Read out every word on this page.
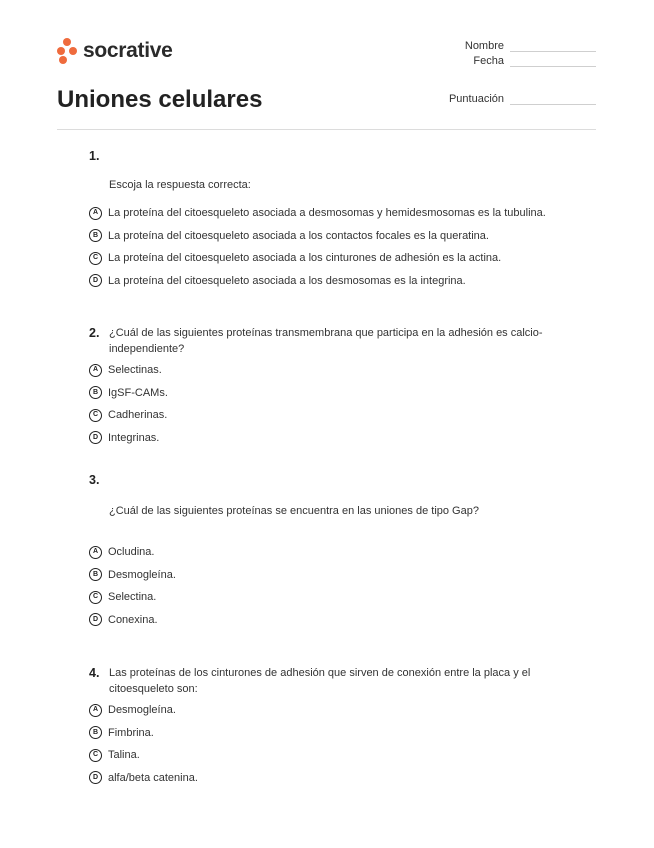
socrative	Nombre
Fecha
Puntuación
Uniones celulares
1.
Escoja la respuesta correcta:
A La proteína del citoesqueleto asociada a desmosomas y hemidesmosomas es la tubulina.
B La proteína del citoesqueleto asociada a los contactos focales es la queratina.
C La proteína del citoesqueleto asociada a los cinturones de adhesión es la actina.
D La proteína del citoesqueleto asociada a los desmosomas es la integrina.
2. ¿Cuál de las siguientes proteínas transmembrana que participa en la adhesión es calcio-independiente?
A Selectinas.
B IgSF-CAMs.
C Cadherinas.
D Integrinas.
3.
¿Cuál de las siguientes proteínas se encuentra en las uniones de tipo Gap?
A Ocludina.
B Desmogleína.
C Selectina.
D Conexina.
4. Las proteínas de los cinturones de adhesión que sirven de conexión entre la placa y el citoesqueleto son:
A Desmogleína.
B Fimbrina.
C Talina.
D alfa/beta catenina.
